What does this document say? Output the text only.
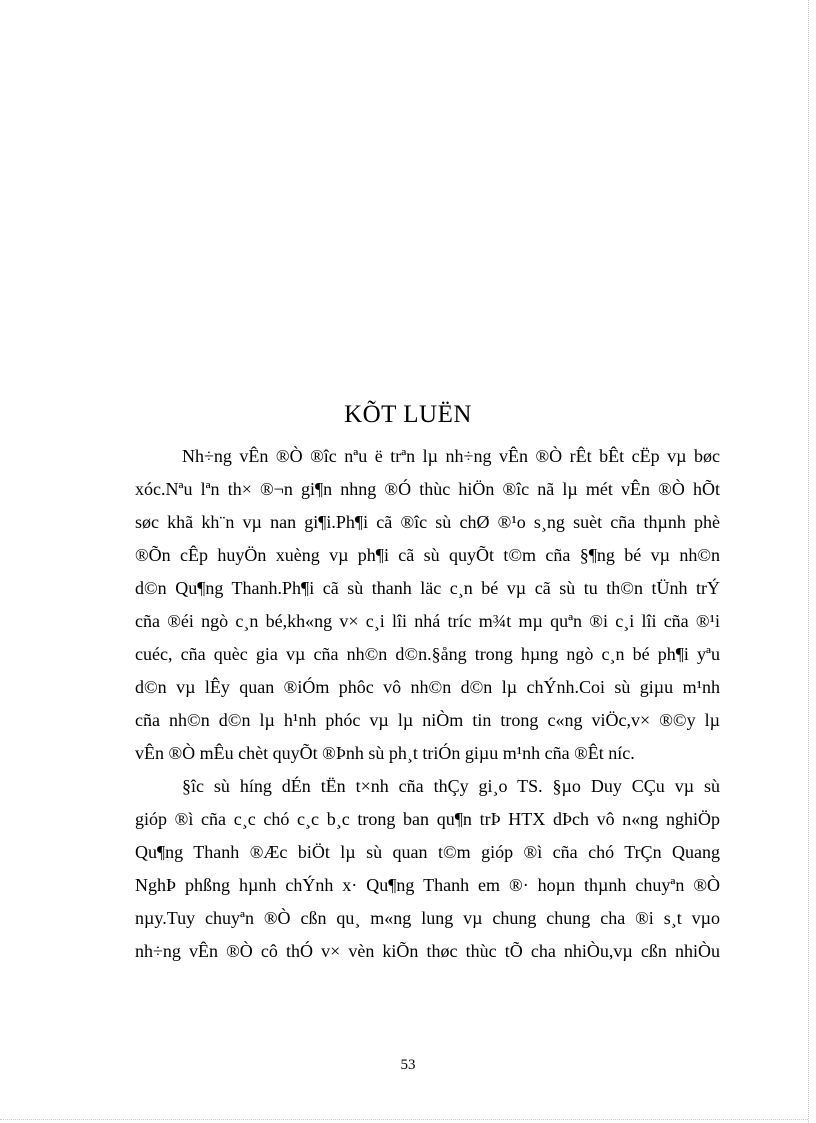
KÕT LUËN
Nh÷ng vÊn ®Ò ®îc nªu ë trªn lµ nh÷ng vÊn ®Ò rÊt bÊt cËp vµ bøc
xóc.Nªu lªn th× ®¬n gi¶n nhng ®Ó thùc hiÖn ®îc nã lµ mét vÊn ®Ò hÕt
søc khã kh¨n vµ nan gi¶i.Ph¶i cã ®îc sù chØ ®¹o s¸ng suèt cña thµnh phè
®Õn cÊp huyÖn xuèng vµ ph¶i cã sù quyÕt t©m cña §¶ng bé vµ nh©n
d©n Qu¶ng Thanh.Ph¶i cã sù thanh läc c¸n bé vµ cã sù tu th©n tÜnh trÝ
cña ®éi ngò c¸n bé,kh«ng v× c¸i lîi nhá tríc m¾t mµ quªn ®i c¸i lîi cña ®¹i
cuéc, cña quèc gia vµ cña nh©n d©n.§ång trong hµng ngò c¸n bé ph¶i yªu
d©n vµ lÊy quan ®iÓm phôc vô nh©n d©n lµ chÝnh.Coi sù giµu m¹nh
cña nh©n d©n lµ h¹nh phóc vµ lµ niÒm tin trong c«ng viÖc,v× ®©y lµ
vÊn ®Ò mÊu chèt quyÕt ®Þnh sù ph¸t triÓn giµu m¹nh cña ®Êt níc.
§îc sù híng dÉn tËn t×nh cña thÇy gi¸o TS. §µo Duy CÇu vµ sù
gióp ®ì cña c¸c chó c¸c b¸c trong ban qu¶n trÞ HTX dÞch vô n«ng nghiÖp
Qu¶ng Thanh ®Æc biÖt lµ sù quan t©m gióp ®ì cña chó TrÇn Quang
NghÞ phßng hµnh chÝnh x· Qu¶ng Thanh em ®· hoµn thµnh chuyªn ®Ò
nµy.Tuy chuyªn ®Ò cßn qu¸ m«ng lung vµ chung chung cha ®i s¸t vµo
nh÷ng vÊn ®Ò cô thÓ v× vèn kiÕn thøc thùc tÕ cha nhiÒu,vµ cßn nhiÒu
53
